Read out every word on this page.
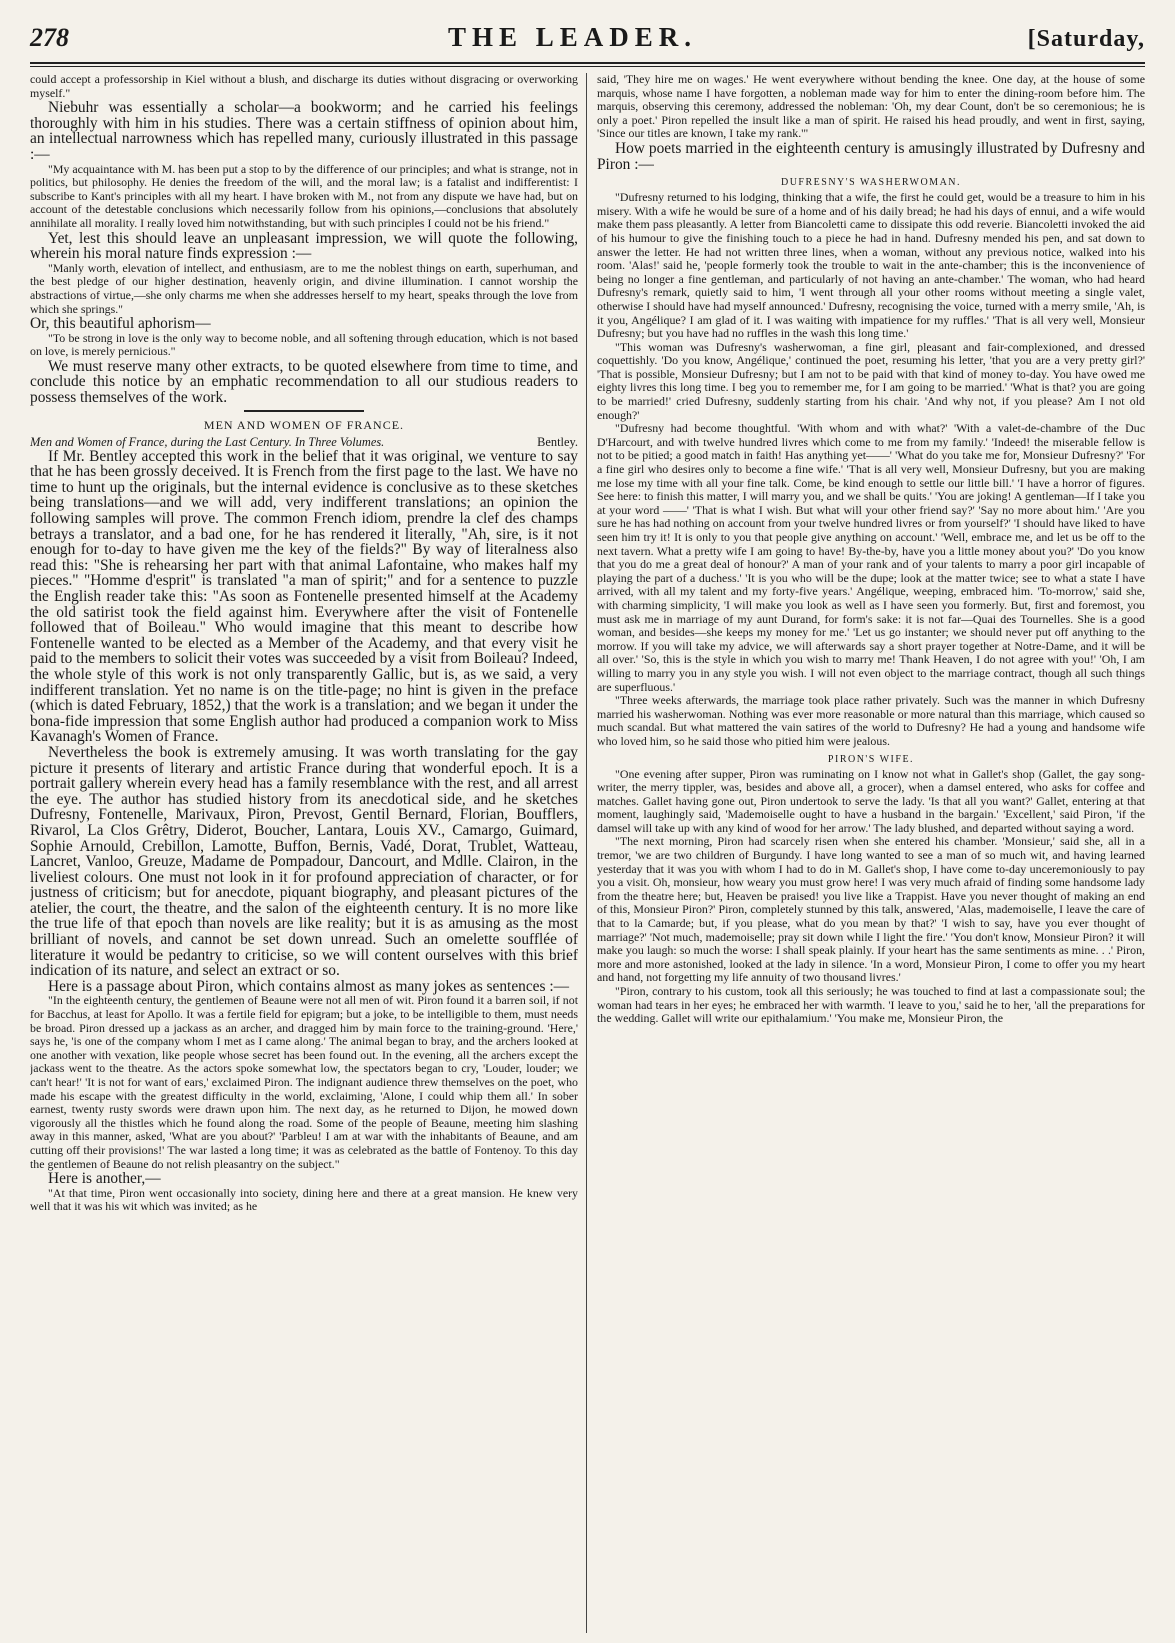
278	THE LEADER.	[Saturday,

could accept a professorship in Kiel without a blush, and discharge its duties without disgracing or overworking myself."

Niebuhr was essentially a scholar—a bookworm; and he carried his feelings thoroughly with him in his studies. There was a certain stiffness of opinion about him, an intellectual narrowness which has repelled many, curiously illustrated in this passage :—

"My acquaintance with M. has been put a stop to by the difference of our principles; and what is strange, not in politics, but philosophy. He denies the freedom of the will, and the moral law; is a fatalist and indifferentist: I subscribe to Kant's principles with all my heart. I have broken with M., not from any dispute we have had, but on account of the detestable conclusions which necessarily follow from his opinions,—conclusions that absolutely annihilate all morality. I really loved him notwithstanding, but with such principles I could not be his friend."

Yet, lest this should leave an unpleasant impression, we will quote the following, wherein his moral nature finds expression :—

"Manly worth, elevation of intellect, and enthusiasm, are to me the noblest things on earth, superhuman, and the best pledge of our higher destination, heavenly origin, and divine illumination. I cannot worship the abstractions of virtue,—she only charms me when she addresses herself to my heart, speaks through the love from which she springs."

Or, this beautiful aphorism—

"To be strong in love is the only way to become noble, and all softening through education, which is not based on love, is merely pernicious."

We must reserve many other extracts, to be quoted elsewhere from time to time, and conclude this notice by an emphatic recommendation to all our studious readers to possess themselves of the work.

MEN AND WOMEN OF FRANCE.
Men and Women of France, during the Last Century. In Three Volumes.	Bentley.

If Mr. Bentley accepted this work in the belief that it was original, we venture to say that he has been grossly deceived. It is French from the first page to the last. We have no time to hunt up the originals, but the internal evidence is conclusive as to these sketches being translations—and we will add, very indifferent translations; an opinion the following samples will prove. The common French idiom, prendre la clef des champs betrays a translator, and a bad one, for he has rendered it literally, "Ah, sire, is it not enough for to-day to have given me the key of the fields?" By way of literalness also read this: "She is rehearsing her part with that animal Lafontaine, who makes half my pieces." "Homme d'esprit" is translated "a man of spirit;" and for a sentence to puzzle the English reader take this: "As soon as Fontenelle presented himself at the Academy the old satirist took the field against him. Everywhere after the visit of Fontenelle followed that of Boileau." Who would imagine that this meant to describe how Fontenelle wanted to be elected as a Member of the Academy, and that every visit he paid to the members to solicit their votes was succeeded by a visit from Boileau? Indeed, the whole style of this work is not only transparently Gallic, but is, as we said, a very indifferent translation. Yet no name is on the title-page; no hint is given in the preface (which is dated February, 1852,) that the work is a translation; and we began it under the bona-fide impression that some English author had produced a companion work to Miss Kavanagh's Women of France.

Nevertheless the book is extremely amusing. It was worth translating for the gay picture it presents of literary and artistic France during that wonderful epoch. It is a portrait gallery wherein every head has a family resemblance with the rest, and all arrest the eye. The author has studied history from its anecdotical side, and he sketches Dufresny, Fontenelle, Marivaux, Piron, Prevost, Gentil Bernard, Florian, Boufflers, Rivarol, La Clos Grêtry, Diderot, Boucher, Lantara, Louis XV., Camargo, Guimard, Sophie Arnould, Crebillon, Lamotte, Buffon, Bernis, Vadé, Dorat, Trublet, Watteau, Lancret, Vanloo, Greuze, Madame de Pompadour, Dancourt, and Mdlle. Clairon, in the liveliest colours. One must not look in it for profound appreciation of character, or for justness of criticism; but for anecdote, piquant biography, and pleasant pictures of the atelier, the court, the theatre, and the salon of the eighteenth century. It is no more like the true life of that epoch than novels are like reality; but it is as amusing as the most brilliant of novels, and cannot be set down unread. Such an omelette soufflée of literature it would be pedantry to criticise, so we will content ourselves with this brief indication of its nature, and select an extract or so.

Here is a passage about Piron, which contains almost as many jokes as sentences :—

"In the eighteenth century, the gentlemen of Beaune were not all men of wit. Piron found it a barren soil, if not for Bacchus, at least for Apollo. It was a fertile field for epigram; but a joke, to be intelligible to them, must needs be broad. Piron dressed up a jackass as an archer, and dragged him by main force to the training-ground. 'Here,' says he, 'is one of the company whom I met as I came along.' The animal began to bray, and the archers looked at one another with vexation, like people whose secret has been found out. In the evening, all the archers except the jackass went to the theatre. As the actors spoke somewhat low, the spectators began to cry, 'Louder, louder; we can't hear!' 'It is not for want of ears,' exclaimed Piron. The indignant audience threw themselves on the poet, who made his escape with the greatest difficulty in the world, exclaiming, 'Alone, I could whip them all.' In sober earnest, twenty rusty swords were drawn upon him. The next day, as he returned to Dijon, he mowed down vigorously all the thistles which he found along the road. Some of the people of Beaune, meeting him slashing away in this manner, asked, 'What are you about?' 'Parbleu! I am at war with the inhabitants of Beaune, and am cutting off their provisions!' The war lasted a long time; it was as celebrated as the battle of Fontenoy. To this day the gentlemen of Beaune do not relish pleasantry on the subject."

Here is another,—

"At that time, Piron went occasionally into society, dining here and there at a great mansion. He knew very well that it was his wit which was invited; as he

said, 'They hire me on wages.' He went everywhere without bending the knee. One day, at the house of some marquis, whose name I have forgotten, a nobleman made way for him to enter the dining-room before him. The marquis, observing this ceremony, addressed the nobleman: 'Oh, my dear Count, don't be so ceremonious; he is only a poet.' Piron repelled the insult like a man of spirit. He raised his head proudly, and went in first, saying, 'Since our titles are known, I take my rank.'"

How poets married in the eighteenth century is amusingly illustrated by Dufresny and Piron :—

DUFRESNY'S WASHERWOMAN.

"Dufresny returned to his lodging, thinking that a wife, the first he could get, would be a treasure to him in his misery. With a wife he would be sure of a home and of his daily bread; he had his days of ennui, and a wife would make them pass pleasantly. A letter from Biancoletti came to dissipate this odd reverie. Biancoletti invoked the aid of his humour to give the finishing touch to a piece he had in hand. Dufresny mended his pen, and sat down to answer the letter. He had not written three lines, when a woman, without any previous notice, walked into his room. 'Alas!' said he, 'people formerly took the trouble to wait in the ante-chamber; this is the inconvenience of being no longer a fine gentleman, and particularly of not having an ante-chamber.' The woman, who had heard Dufresny's remark, quietly said to him, 'I went through all your other rooms without meeting a single valet, otherwise I should have had myself announced.' Dufresny, recognising the voice, turned with a merry smile, 'Ah, is it you, Angélique? I am glad of it. I was waiting with impatience for my ruffles.' 'That is all very well, Monsieur Dufresny; but you have had no ruffles in the wash this long time.'

"This woman was Dufresny's washerwoman, a fine girl, pleasant and fair-complexioned, and dressed coquettishly. 'Do you know, Angélique,' continued the poet, resuming his letter, 'that you are a very pretty girl?' 'That is possible, Monsieur Dufresny; but I am not to be paid with that kind of money to-day. You have owed me eighty livres this long time. I beg you to remember me, for I am going to be married.' 'What is that? you are going to be married!' cried Dufresny, suddenly starting from his chair. 'And why not, if you please? Am I not old enough?'

"Dufresny had become thoughtful. 'With whom and with what?' 'With a valet-de-chambre of the Duc D'Harcourt, and with twelve hundred livres which come to me from my family.' 'Indeed! the miserable fellow is not to be pitied; a good match in faith! Has anything yet——' 'What do you take me for, Monsieur Dufresny?' 'For a fine girl who desires only to become a fine wife.' 'That is all very well, Monsieur Dufresny, but you are making me lose my time with all your fine talk. Come, be kind enough to settle our little bill.' 'I have a horror of figures. See here: to finish this matter, I will marry you, and we shall be quits.' 'You are joking! A gentleman—If I take you at your word ——' 'That is what I wish. But what will your other friend say?' 'Say no more about him.' 'Are you sure he has had nothing on account from your twelve hundred livres or from yourself?' 'I should have liked to have seen him try it! It is only to you that people give anything on account.' 'Well, embrace me, and let us be off to the next tavern. What a pretty wife I am going to have! By-the-by, have you a little money about you?' 'Do you know that you do me a great deal of honour?' A man of your rank and of your talents to marry a poor girl incapable of playing the part of a duchess.' 'It is you who will be the dupe; look at the matter twice; see to what a state I have arrived, with all my talent and my forty-five years.' Angélique, weeping, embraced him. 'To-morrow,' said she, with charming simplicity, 'I will make you look as well as I have seen you formerly. But, first and foremost, you must ask me in marriage of my aunt Durand, for form's sake: it is not far—Quai des Tournelles. She is a good woman, and besides—she keeps my money for me.' 'Let us go instanter; we should never put off anything to the morrow. If you will take my advice, we will afterwards say a short prayer together at Notre-Dame, and it will be all over.' 'So, this is the style in which you wish to marry me! Thank Heaven, I do not agree with you!' 'Oh, I am willing to marry you in any style you wish. I will not even object to the marriage contract, though all such things are superfluous.'

"Three weeks afterwards, the marriage took place rather privately. Such was the manner in which Dufresny married his washerwoman. Nothing was ever more reasonable or more natural than this marriage, which caused so much scandal. But what mattered the vain satires of the world to Dufresny? He had a young and handsome wife who loved him, so he said those who pitied him were jealous.

PIRON'S WIFE.

"One evening after supper, Piron was ruminating on I know not what in Gallet's shop (Gallet, the gay song-writer, the merry tippler, was, besides and above all, a grocer), when a damsel entered, who asks for coffee and matches. Gallet having gone out, Piron undertook to serve the lady. 'Is that all you want?' Gallet, entering at that moment, laughingly said, 'Mademoiselle ought to have a husband in the bargain.' 'Excellent,' said Piron, 'if the damsel will take up with any kind of wood for her arrow.' The lady blushed, and departed without saying a word.

"The next morning, Piron had scarcely risen when she entered his chamber. 'Monsieur,' said she, all in a tremor, 'we are two children of Burgundy. I have long wanted to see a man of so much wit, and having learned yesterday that it was you with whom I had to do in M. Gallet's shop, I have come to-day unceremoniously to pay you a visit. Oh, monsieur, how weary you must grow here! I was very much afraid of finding some handsome lady from the theatre here; but, Heaven be praised! you live like a Trappist. Have you never thought of making an end of this, Monsieur Piron?' Piron, completely stunned by this talk, answered, 'Alas, mademoiselle, I leave the care of that to la Camarde; but, if you please, what do you mean by that?' 'I wish to say, have you ever thought of marriage?' 'Not much, mademoiselle; pray sit down while I light the fire.' 'You don't know, Monsieur Piron? it will make you laugh: so much the worse: I shall speak plainly. If your heart has the same sentiments as mine. . .' Piron, more and more astonished, looked at the lady in silence. 'In a word, Monsieur Piron, I come to offer you my heart and hand, not forgetting my life annuity of two thousand livres.'

"Piron, contrary to his custom, took all this seriously; he was touched to find at last a compassionate soul; the woman had tears in her eyes; he embraced her with warmth. 'I leave to you,' said he to her, 'all the preparations for the wedding. Gallet will write our epithalamium.' 'You make me, Monsieur Piron, the
